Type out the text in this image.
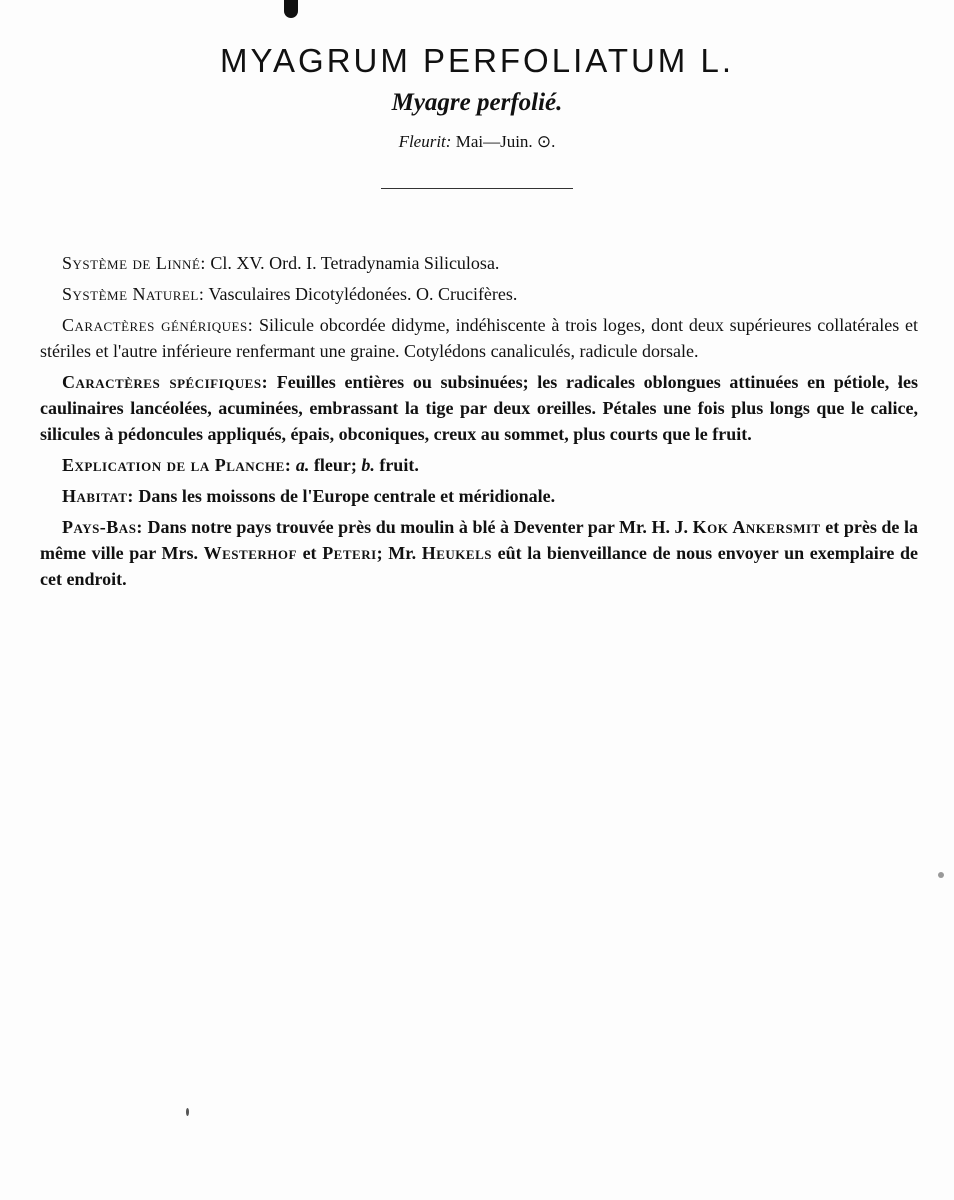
MYAGRUM PERFOLIATUM L.
Myagre perfolié.
Fleurit: Mai—Juin. ⊙.

Système de Linné: Cl. XV. Ord. I. Tetradynamia Siliculosa.

Système Naturel: Vasculaires Dicotylédonées. O. Crucifères.

Caractères génériques: Silicule obcordée didyme, indéhiscente à trois loges, dont deux supérieures collatérales et stériles et l'autre inférieure renfermant une graine. Cotylédons canaliculés, radicule dorsale.

Caractères spécifiques: Feuilles entières ou subsinuées; les radicales oblongues attinuées en pétiole, les caulinaires lancéolées, acuminées, embrassant la tige par deux oreilles. Pétales une fois plus longs que le calice, silicules à pédoncules appliqués, épais, obconiques, creux au sommet, plus courts que le fruit.

Explication de la Planche: a. fleur; b. fruit.

Habitat: Dans les moissons de l'Europe centrale et méridionale.

Pays-Bas: Dans notre pays trouvée près du moulin à blé à Deventer par Mr. H. J. Kok Ankersmit et près de la même ville par Mrs. Westerhof et Peteri; Mr. Heukels eût la bienveillance de nous envoyer un exemplaire de cet endroit.
